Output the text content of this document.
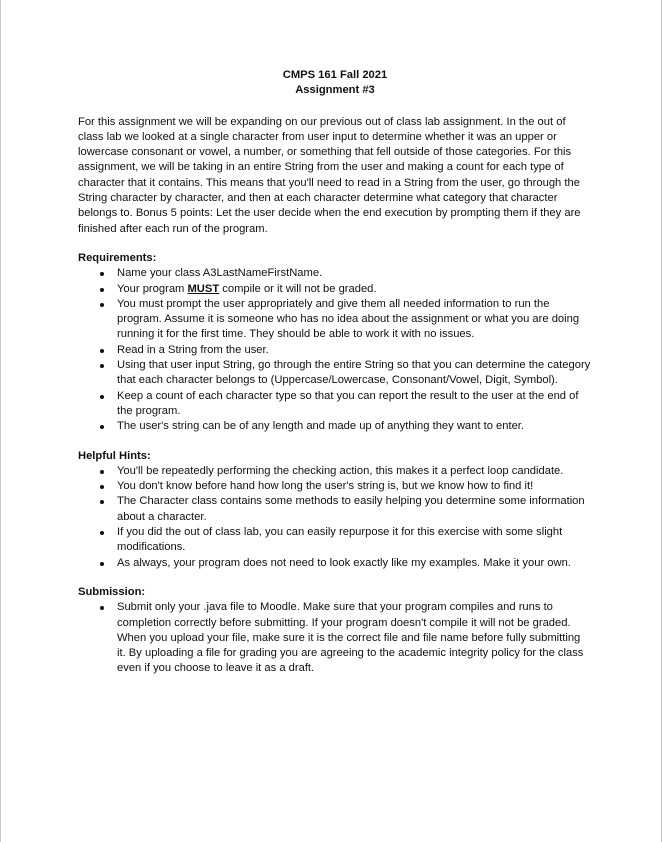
CMPS 161 Fall 2021

Assignment #3

For this assignment we will be expanding on our previous out of class lab assignment. In the out of class lab we looked at a single character from user input to determine whether it was an upper or lowercase consonant or vowel, a number, or something that fell outside of those categories. For this assignment, we will be taking in an entire String from the user and making a count for each type of character that it contains. This means that you'll need to read in a String from the user, go through the String character by character, and then at each character determine what category that character belongs to. Bonus 5 points: Let the user decide when the end execution by prompting them if they are finished after each run of the program.

Requirements:

Name your class A3LastNameFirstName.
Your program MUST compile or it will not be graded.
You must prompt the user appropriately and give them all needed information to run the program. Assume it is someone who has no idea about the assignment or what you are doing running it for the first time. They should be able to work it with no issues.
Read in a String from the user.
Using that user input String, go through the entire String so that you can determine the category that each character belongs to (Uppercase/Lowercase, Consonant/Vowel, Digit, Symbol).
Keep a count of each character type so that you can report the result to the user at the end of the program.
The user's string can be of any length and made up of anything they want to enter.

Helpful Hints:

You'll be repeatedly performing the checking action, this makes it a perfect loop candidate.
You don't know before hand how long the user's string is, but we know how to find it!
The Character class contains some methods to easily helping you determine some information about a character.
If you did the out of class lab, you can easily repurpose it for this exercise with some slight modifications.
As always, your program does not need to look exactly like my examples. Make it your own.

Submission:

Submit only your .java file to Moodle. Make sure that your program compiles and runs to completion correctly before submitting. If your program doesn't compile it will not be graded. When you upload your file, make sure it is the correct file and file name before fully submitting it. By uploading a file for grading you are agreeing to the academic integrity policy for the class even if you choose to leave it as a draft.
